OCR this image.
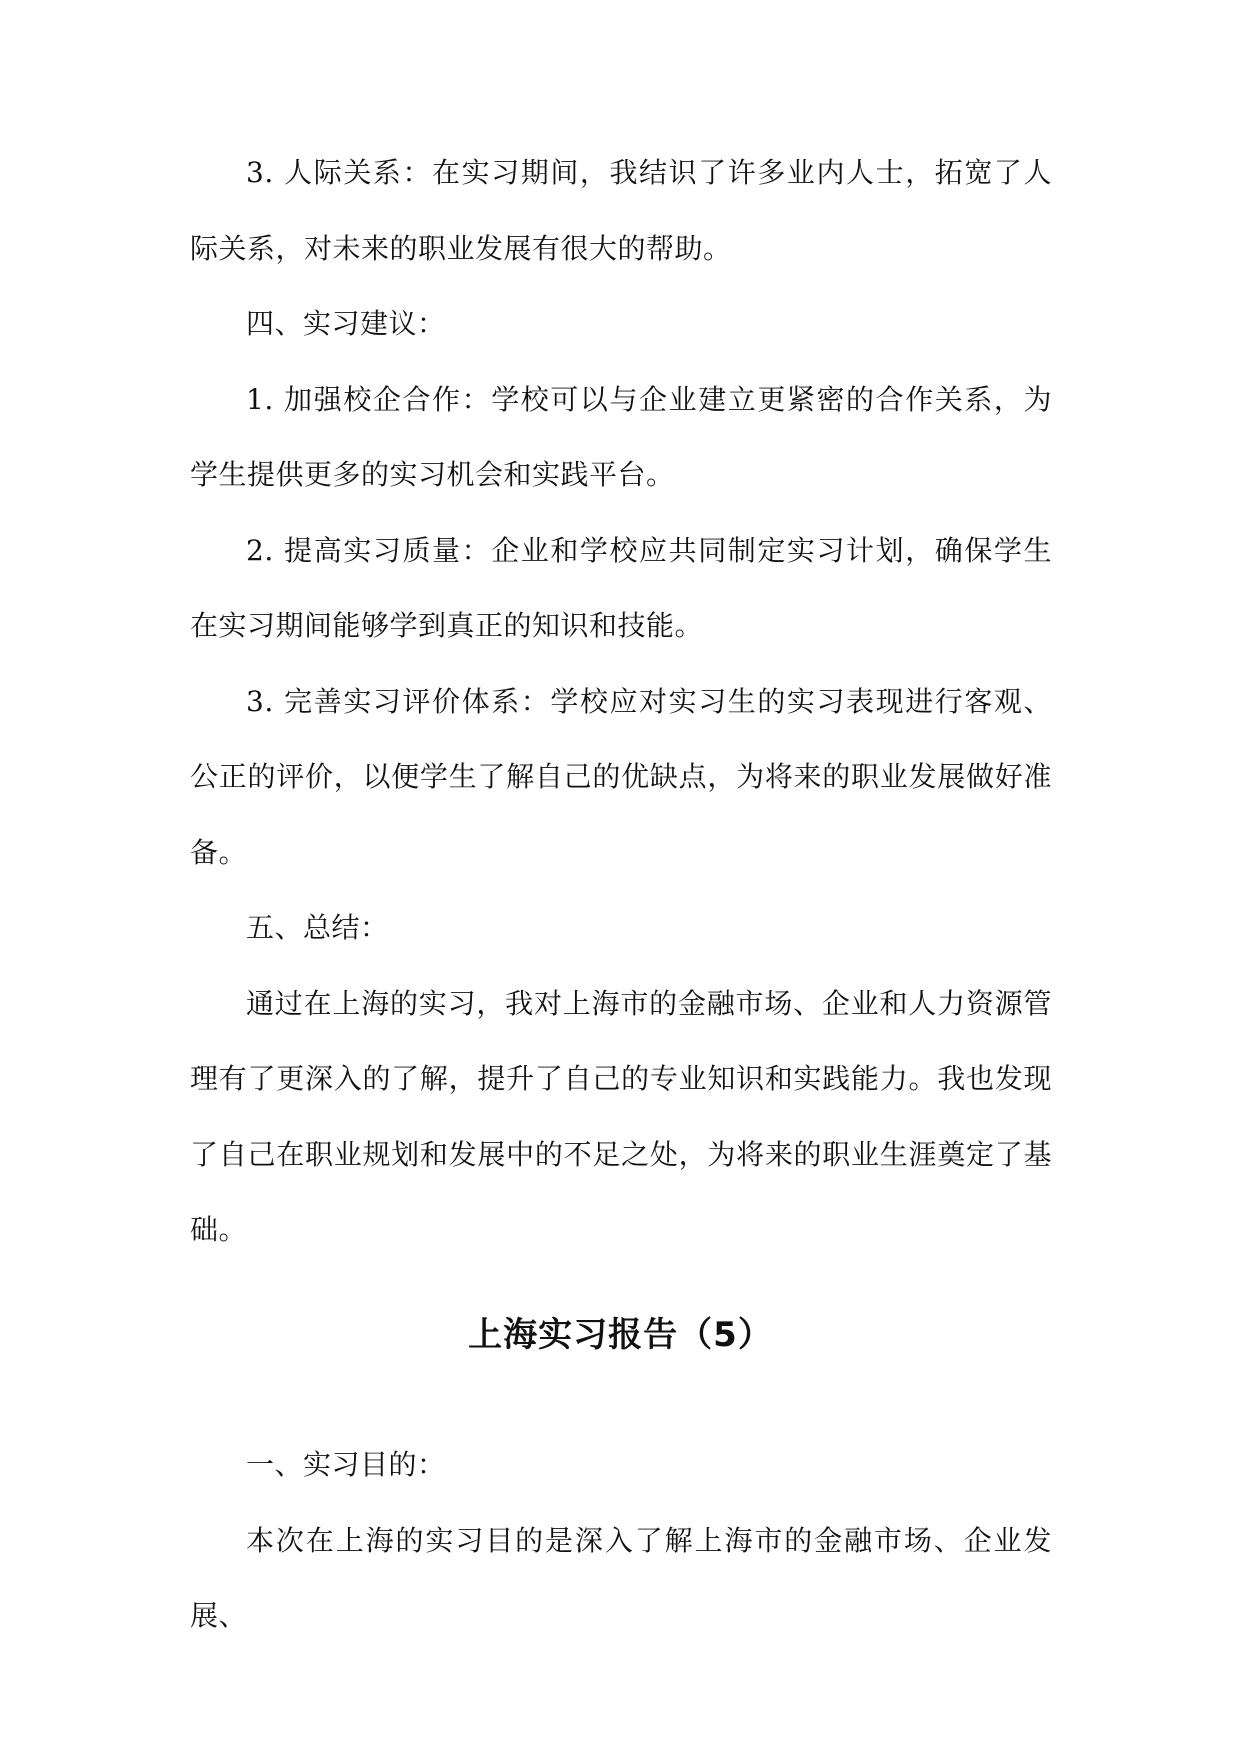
3. 人际关系：在实习期间，我结识了许多业内人士，拓宽了人际关系，对未来的职业发展有很大的帮助。

四、实习建议：

1. 加强校企合作：学校可以与企业建立更紧密的合作关系，为学生提供更多的实习机会和实践平台。

2. 提高实习质量：企业和学校应共同制定实习计划，确保学生在实习期间能够学到真正的知识和技能。

3. 完善实习评价体系：学校应对实习生的实习表现进行客观、公正的评价，以便学生了解自己的优缺点，为将来的职业发展做好准备。

五、总结：

通过在上海的实习，我对上海市的金融市场、企业和人力资源管理有了更深入的了解，提升了自己的专业知识和实践能力。我也发现了自己在职业规划和发展中的不足之处，为将来的职业生涯奠定了基础。

一、实习目的：

本次在上海的实习目的是深入了解上海市的金融市场、企业发展、

上海实习报告（5）
